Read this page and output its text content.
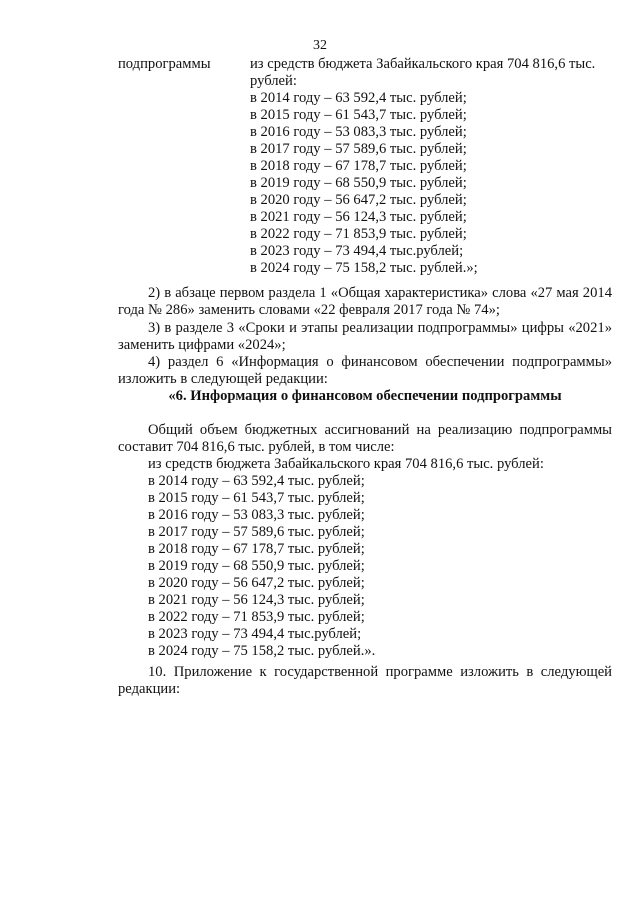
32
подпрограммы	из средств бюджета Забайкальского края 704 816,6 тыс.
рублей:
в 2014 году – 63 592,4 тыс. рублей;
в 2015 году – 61 543,7 тыс. рублей;
в 2016 году – 53 083,3 тыс. рублей;
в 2017 году – 57 589,6 тыс. рублей;
в 2018 году – 67 178,7 тыс. рублей;
в 2019 году – 68 550,9 тыс. рублей;
в 2020 году – 56 647,2 тыс. рублей;
в 2021 году – 56 124,3 тыс. рублей;
в 2022 году – 71 853,9 тыс. рублей;
в 2023 году – 73 494,4 тыс.рублей;
в 2024 году – 75 158,2 тыс. рублей.»;
2) в абзаце первом раздела 1 «Общая характеристика» слова «27 мая 2014 года № 286» заменить словами «22 февраля 2017 года № 74»;
3) в разделе 3 «Сроки и этапы реализации подпрограммы» цифры «2021» заменить цифрами «2024»;
4) раздел 6 «Информация о финансовом обеспечении подпрограммы» изложить в следующей редакции:
«6. Информация о финансовом обеспечении подпрограммы
Общий объем бюджетных ассигнований на реализацию подпрограммы составит 704 816,6 тыс. рублей, в том числе:
из средств бюджета Забайкальского края 704 816,6 тыс. рублей:
в 2014 году – 63 592,4 тыс. рублей;
в 2015 году – 61 543,7 тыс. рублей;
в 2016 году – 53 083,3 тыс. рублей;
в 2017 году – 57 589,6 тыс. рублей;
в 2018 году – 67 178,7 тыс. рублей;
в 2019 году – 68 550,9 тыс. рублей;
в 2020 году – 56 647,2 тыс. рублей;
в 2021 году – 56 124,3 тыс. рублей;
в 2022 году – 71 853,9 тыс. рублей;
в 2023 году – 73 494,4 тыс.рублей;
в 2024 году – 75 158,2 тыс. рублей.».
10. Приложение к государственной программе изложить в следующей редакции:
